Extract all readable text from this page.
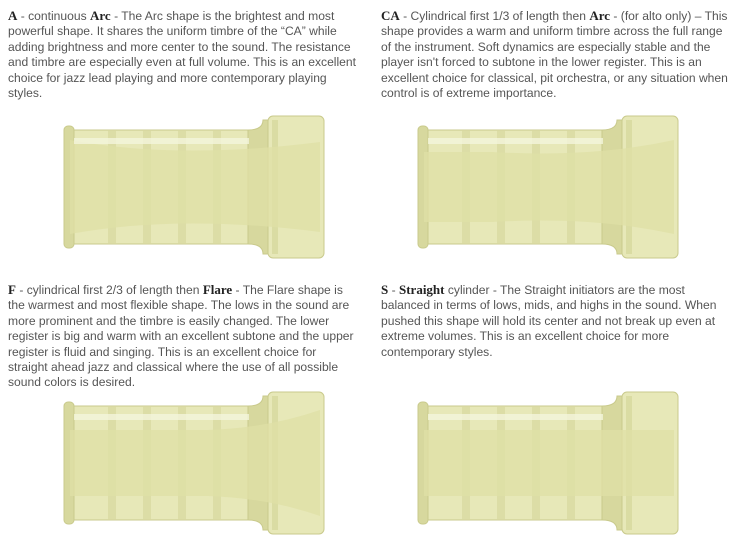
A - continuous Arc - The Arc shape is the brightest and most powerful shape. It shares the uniform timbre of the “CA” while adding brightness and more center to the sound. The resistance and timbre are especially even at full volume. This is an excellent choice for jazz lead playing and more contemporary playing styles.

CA - Cylindrical first 1/3 of length then Arc - (for alto only) – This shape provides a warm and uniform timbre across the full range of the instrument. Soft dynamics are especially stable and the player isn't forced to subtone in the lower register. This is an excellent choice for classical, pit orchestra, or any situation when control is of extreme importance.

F - cylindrical first 2/3 of length then Flare - The Flare shape is the warmest and most flexible shape. The lows in the sound are more prominent and the timbre is easily changed. The lower register is big and warm with an excellent subtone and the upper register is fluid and singing. This is an excellent choice for straight ahead jazz and classical where the use of all possible sound colors is desired.

S - Straight cylinder - The Straight initiators are the most balanced in terms of lows, mids, and highs in the sound. When pushed this shape will hold its center and not break up even at extreme volumes. This is an excellent choice for more contemporary styles.
